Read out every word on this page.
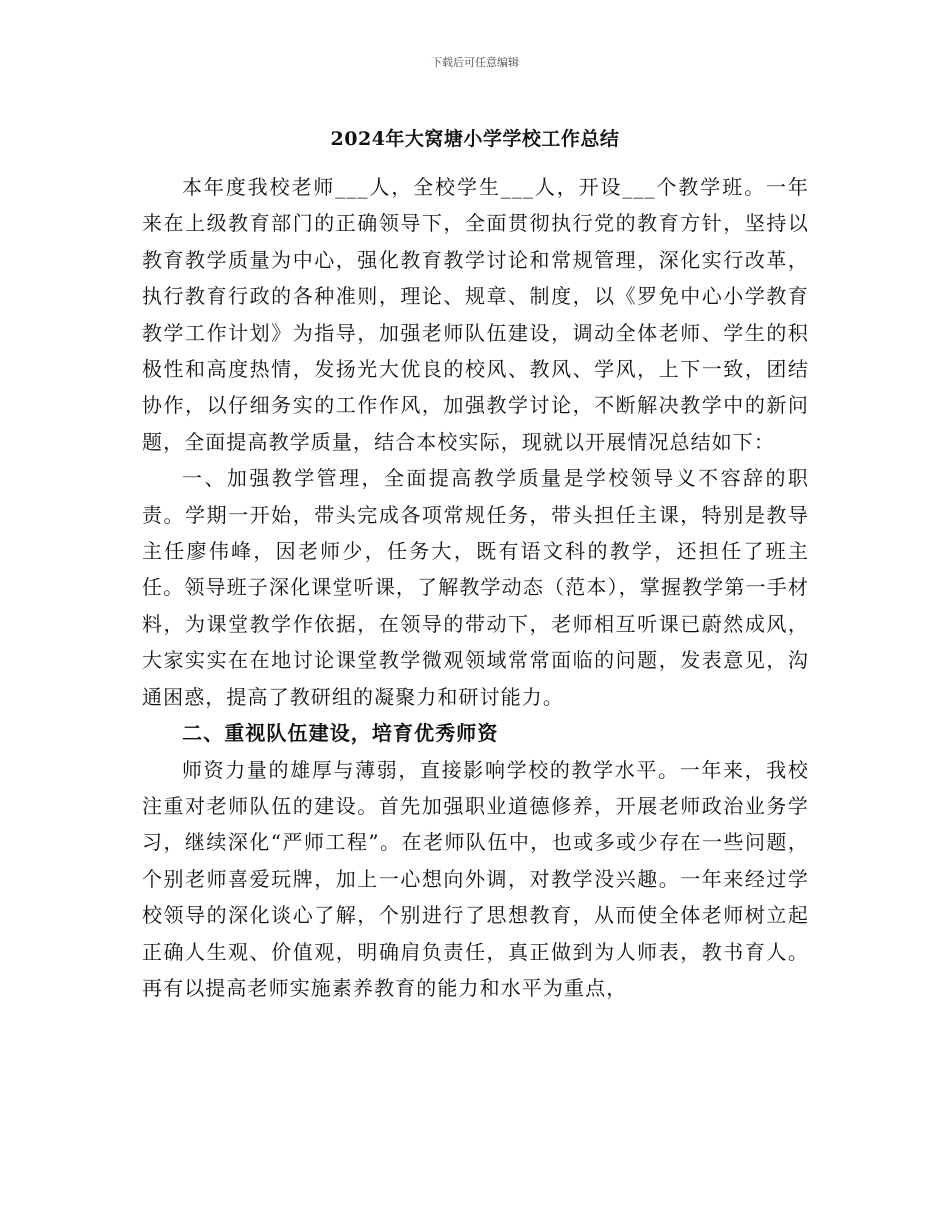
下载后可任意编辑
2024年大窝塘小学学校工作总结

本年度我校老师___人，全校学生___人，开设___个教学班。一年来在上级教育部门的正确领导下，全面贯彻执行党的教育方针，坚持以教育教学质量为中心，强化教育教学讨论和常规管理，深化实行改革，执行教育行政的各种准则，理论、规章、制度，以《罗免中心小学教育教学工作计划》为指导，加强老师队伍建设，调动全体老师、学生的积极性和高度热情，发扬光大优良的校风、教风、学风，上下一致，团结协作，以仔细务实的工作作风，加强教学讨论，不断解决教学中的新问题，全面提高教学质量，结合本校实际，现就以开展情况总结如下：

一、加强教学管理，全面提高教学质量是学校领导义不容辞的职责。学期一开始，带头完成各项常规任务，带头担任主课，特别是教导主任廖伟峰，因老师少，任务大，既有语文科的教学，还担任了班主任。领导班子深化课堂听课，了解教学动态（范本），掌握教学第一手材料，为课堂教学作依据，在领导的带动下，老师相互听课已蔚然成风，大家实实在在地讨论课堂教学微观领域常常面临的问题，发表意见，沟通困惑，提高了教研组的凝聚力和研讨能力。

二、重视队伍建设，培育优秀师资

师资力量的雄厚与薄弱，直接影响学校的教学水平。一年来，我校注重对老师队伍的建设。首先加强职业道德修养，开展老师政治业务学习，继续深化“严师工程”。在老师队伍中，也或多或少存在一些问题，个别老师喜爱玩牌，加上一心想向外调，对教学没兴趣。一年来经过学校领导的深化谈心了解，个别进行了思想教育，从而使全体老师树立起正确人生观、价值观，明确肩负责任，真正做到为人师表，教书育人。再有以提高老师实施素养教育的能力和水平为重点，
